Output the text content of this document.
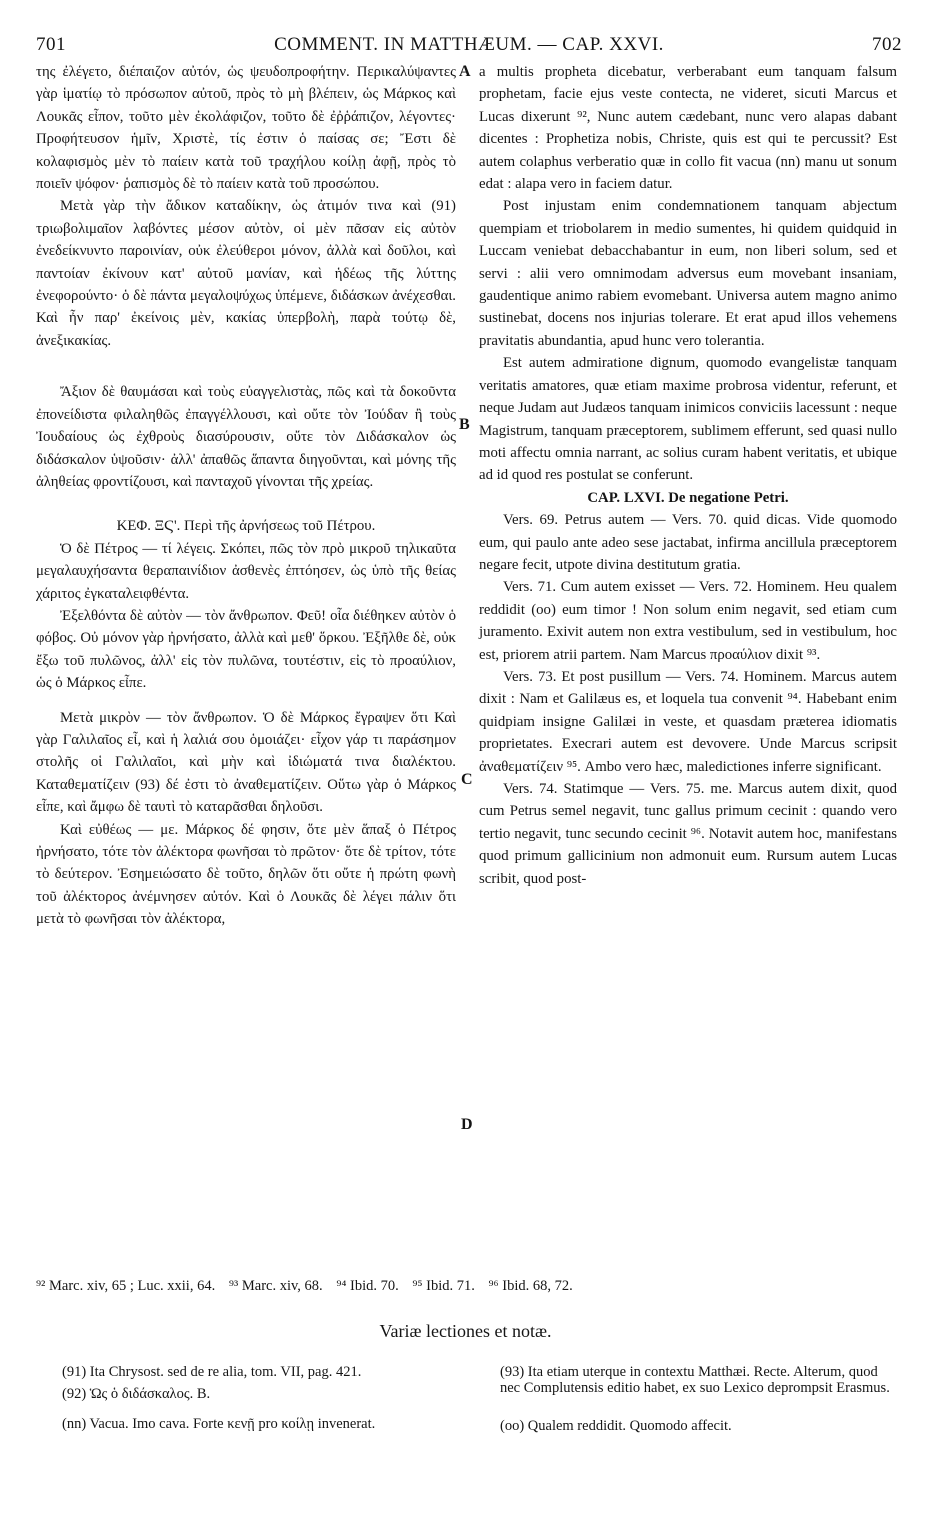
COMMENT. IN MATTHÆUM. — CAP. XXVI.
701	702

της ἐλέγετο, διέπαιζον αὐτόν, ὡς ψευδοπροφήτην. Περικαλύψαντες γὰρ ἱματίῳ τὸ πρόσωπον αὐτοῦ, πρὸς τὸ μὴ βλέπειν, ὡς Μάρκος καὶ Λουκᾶς εἶπον, τοῦτο μὲν ἐκολάφιζον, τοῦτο δὲ ἐῤῥάπιζον, λέγοντες· Προφήτευσον ἡμῖν, Χριστὲ, τίς ἐστιν ὁ παίσας σε; Ἔστι δὲ κολαφισμὸς μὲν τὸ παίειν κατὰ τοῦ τραχήλου κοίλῃ ἀφῇ, πρὸς τὸ ποιεῖν ψόφον· ῥαπισμὸς δὲ τὸ παίειν κατὰ τοῦ προσώπου.

Μετὰ γὰρ τὴν ἄδικον καταδίκην, ὡς ἀτιμόν τινα καὶ (91) τριωβολιμαῖον λαβόντες μέσον αὐτὸν, οἱ μὲν πᾶσαν εἰς αὐτὸν ἐνεδείκνυντο παροινίαν, οὐκ ἐλεύθεροι μόνον, ἀλλὰ καὶ δοῦλοι, καὶ παντοίαν ἐκίνουν κατ' αὐτοῦ μανίαν, καὶ ἡδέως τῆς λύττης ἐνεφορούντο· ὁ δὲ πάντα μεγαλοψύχως ὑπέμενε, διδάσκων ἀνέχεσθαι. Καὶ ἦν παρ' ἐκείνοις μὲν, κακίας ὑπερβολὴ, παρὰ τούτῳ δὲ, ἀνεξικακίας.

Ἄξιον δὲ θαυμάσαι καὶ τοὺς εὐαγγελιστὰς, πῶς καὶ τὰ δοκοῦντα ἐπονείδιστα φιλαληθῶς ἐπαγγέλλουσι, καὶ οὔτε τὸν Ἰούδαν ἢ τοὺς Ἰουδαίους ὡς ἐχθροὺς διασύρουσιν, οὔτε τὸν Διδάσκαλον ὡς διδάσκαλον ὑψοῦσιν· ἀλλ' ἀπαθῶς ἅπαντα διηγοῦνται, καὶ μόνης τῆς ἀληθείας φροντίζουσι, καὶ πανταχοῦ γίνονται τῆς χρείας.

ΚΕΦ. ΞϚ'. Περὶ τῆς ἀρνήσεως τοῦ Πέτρου.

Ὁ δὲ Πέτρος — τί λέγεις. Σκόπει, πῶς τὸν πρὸ μικροῦ τηλικαῦτα μεγαλαυχήσαντα θεραπαινίδιον ἀσθενὲς ἐπτόησεν, ὡς ὑπὸ τῆς θείας χάριτος ἐγκαταλειφθέντα.

Ἐξελθόντα δὲ αὐτὸν — τὸν ἄνθρωπον. Φεῦ! οἷα διέθηκεν αὐτὸν ὁ φόβος. Οὐ μόνον γὰρ ἠρνήσατο, ἀλλὰ καὶ μεθ' ὅρκου. Ἐξῆλθε δὲ, οὐκ ἔξω τοῦ πυλῶνος, ἀλλ' εἰς τὸν πυλῶνα, τουτέστιν, εἰς τὸ προαύλιον, ὡς ὁ Μάρκος εἶπε.

Μετὰ μικρὸν — τὸν ἄνθρωπον. Ὁ δὲ Μάρκος ἔγραψεν ὅτι Καὶ γὰρ Γαλιλαῖος εἶ, καὶ ἡ λαλιά σου ὁμοιάζει· εἶχον γάρ τι παράσημον στολῆς οἱ Γαλιλαῖοι, καὶ μὴν καὶ ἰδιώματά τινα διαλέκτου. Καταθεματίζειν (93) δέ ἐστι τὸ ἀναθεματίζειν. Οὕτω γὰρ ὁ Μάρκος εἶπε, καὶ ἄμφω δὲ ταυτὶ τὸ καταρᾶσθαι δηλοῦσι.

Καὶ εὐθέως — με. Μάρκος δέ φησιν, ὅτε μὲν ἅπαξ ὁ Πέτρος ἠρνήσατο, τότε τὸν ἀλέκτορα φωνῆσαι τὸ πρῶτον· ὅτε δὲ τρίτον, τότε τὸ δεύτερον. Ἐσημειώσατο δὲ τοῦτο, δηλῶν ὅτι οὔτε ἡ πρώτη φωνὴ τοῦ ἀλέκτορος ἀνέμνησεν αὐτόν. Καὶ ὁ Λουκᾶς δὲ λέγει πάλιν ὅτι μετὰ τὸ φωνῆσαι τὸν ἀλέκτορα,

a multis propheta dicebatur, verberabant eum tanquam falsum prophetam, facie ejus veste contecta, ne videret, sicuti Marcus et Lucas dixerunt ⁹², Nunc autem cædebant, nunc vero alapas dabant dicentes : Prophetiza nobis, Christe, quis est qui te percussit? Est autem colaphus verberatio quæ in collo fit vacua (nn) manu ut sonum edat : alapa vero in faciem datur.

Post injustam enim condemnationem tanquam abjectum quempiam et triobolarem in medio sumentes, hi quidem quidquid in Luccam veniebat debacchabantur in eum, non liberi solum, sed et servi : alii vero omnimodam adversus eum movebant insaniam, gaudentique animo rabiem evomebant. Universa autem magno animo sustinebat, docens nos injurias tolerare. Et erat apud illos vehemens pravitatis abundantia, apud hunc vero tolerantia.

Est autem admiratione dignum, quomodo evangelistæ tanquam veritatis amatores, quæ etiam maxime probrosa videntur, referunt, et neque Judam aut Judæos tanquam inimicos conviciis lacessunt : neque Magistrum, tanquam præceptorem, sublimem efferunt, sed quasi nullo moti affectu omnia narrant, ac solius curam habent veritatis, et ubique ad id quod res postulat se conferunt.

CAP. LXVI. De negatione Petri.

Vers. 69. Petrus autem — Vers. 70. quid dicas. Vide quomodo eum, qui paulo ante adeo sese jactabat, infirma ancillula præceptorem negare fecit, utpote divina destitutum gratia.

Vers. 71. Cum autem exisset — Vers. 72. Hominem. Heu qualem reddidit (oo) eum timor ! Non solum enim negavit, sed etiam cum juramento. Exivit autem non extra vestibulum, sed in vestibulum, hoc est, priorem atrii partem. Nam Marcus προαύλιον dixit ⁹³.

Vers. 73. Et post pusillum — Vers. 74. Hominem. Marcus autem dixit : Nam et Galilæus es, et loquela tua convenit ⁹⁴. Habebant enim quidpiam insigne Galilæi in veste, et quasdam præterea idiomatis proprietates. Execrari autem est devovere. Unde Marcus scripsit ἀναθεματίζειν ⁹⁵. Ambo vero hæc, maledictiones inferre significant.

Vers. 74. Statimque — Vers. 75. me. Marcus autem dixit, quod cum Petrus semel negavit, tunc gallus primum cecinit : quando vero tertio negavit, tunc secundo cecinit ⁹⁶. Notavit autem hoc, manifestans quod primum gallicinium non admonuit eum. Rursum autem Lucas scribit, quod post-

A
B
C
D
⁹² Marc. xiv, 65 ; Luc. xxii, 64. ⁹³ Marc. xiv, 68. ⁹⁴ Ibid. 70. ⁹⁵ Ibid. 71. ⁹⁶ Ibid. 68, 72.
Variæ lectiones et notæ.

(91) Ita Chrysost. sed de re alia, tom. VII, pag. 421.

(92) Ὡς ὁ διδάσκαλος. B.

(nn) Vacua. Imo cava. Forte κενῇ pro κοίλῃ invenerat.

(93) Ita etiam uterque in contextu Matthæi. Recte. Alterum, quod nec Complutensis editio habet, ex suo Lexico deprompsit Erasmus.

(oo) Qualem reddidit. Quomodo affecit.
